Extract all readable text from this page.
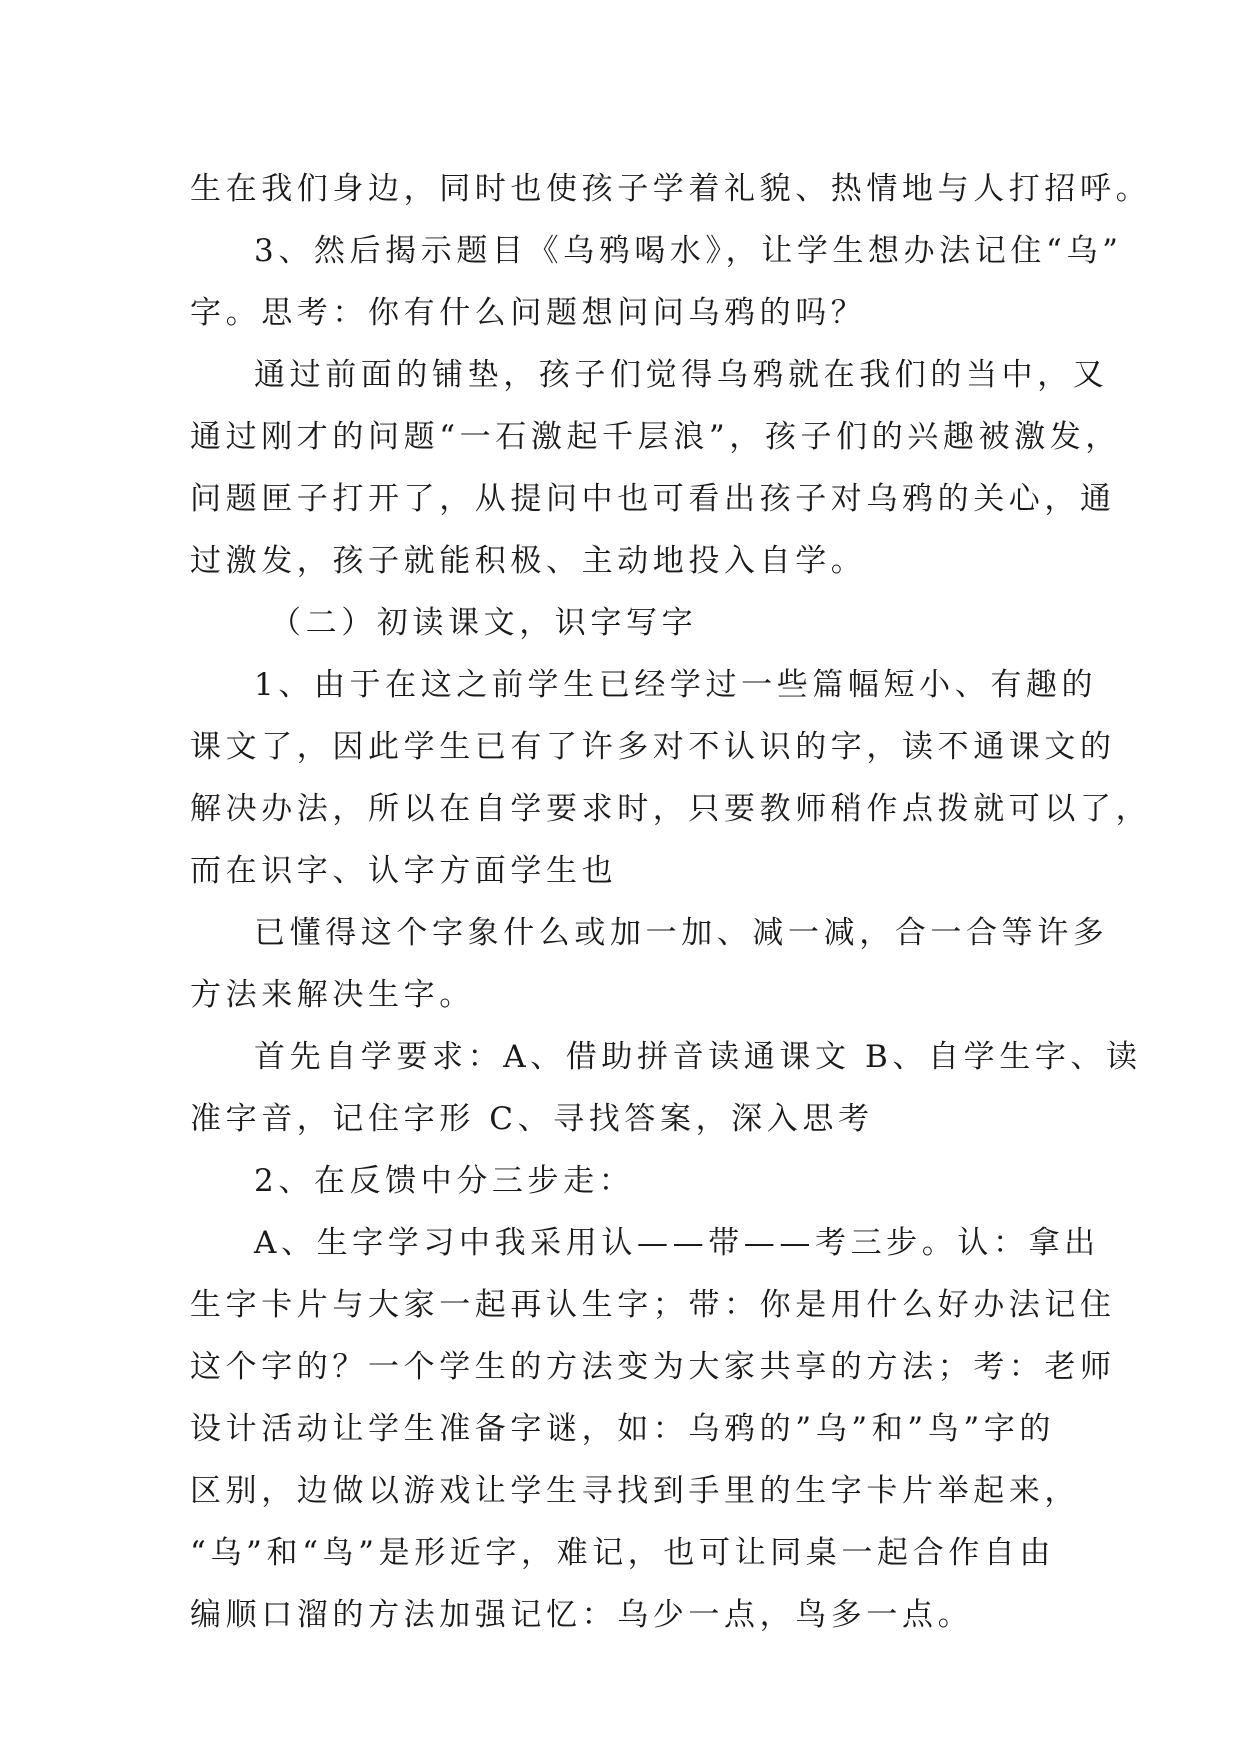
生在我们身边，同时也使孩子学着礼貌、热情地与人打招呼。
3、然后揭示题目《乌鸦喝水》，让学生想办法记住“乌”
字。思考：你有什么问题想问问乌鸦的吗？
通过前面的铺垫，孩子们觉得乌鸦就在我们的当中，又
通过刚才的问题“一石激起千层浪”，孩子们的兴趣被激发，
问题匣子打开了，从提问中也可看出孩子对乌鸦的关心，通
过激发，孩子就能积极、主动地投入自学。
（二）初读课文，识字写字
1、由于在这之前学生已经学过一些篇幅短小、有趣的
课文了，因此学生已有了许多对不认识的字，读不通课文的
解决办法，所以在自学要求时，只要教师稍作点拨就可以了，
而在识字、认字方面学生也
已懂得这个字象什么或加一加、减一减，合一合等许多
方法来解决生字。
首先自学要求：A、借助拼音读通课文 B、自学生字、读
准字音，记住字形 C、寻找答案，深入思考
2、在反馈中分三步走：
A、生字学习中我采用认——带——考三步。认：拿出
生字卡片与大家一起再认生字；带：你是用什么好办法记住
这个字的？一个学生的方法变为大家共享的方法；考：老师
设计活动让学生准备字谜，如：乌鸦的”乌”和”鸟”字的
区别，边做以游戏让学生寻找到手里的生字卡片举起来，
“乌”和“鸟”是形近字，难记，也可让同桌一起合作自由
编顺口溜的方法加强记忆：乌少一点，鸟多一点。
